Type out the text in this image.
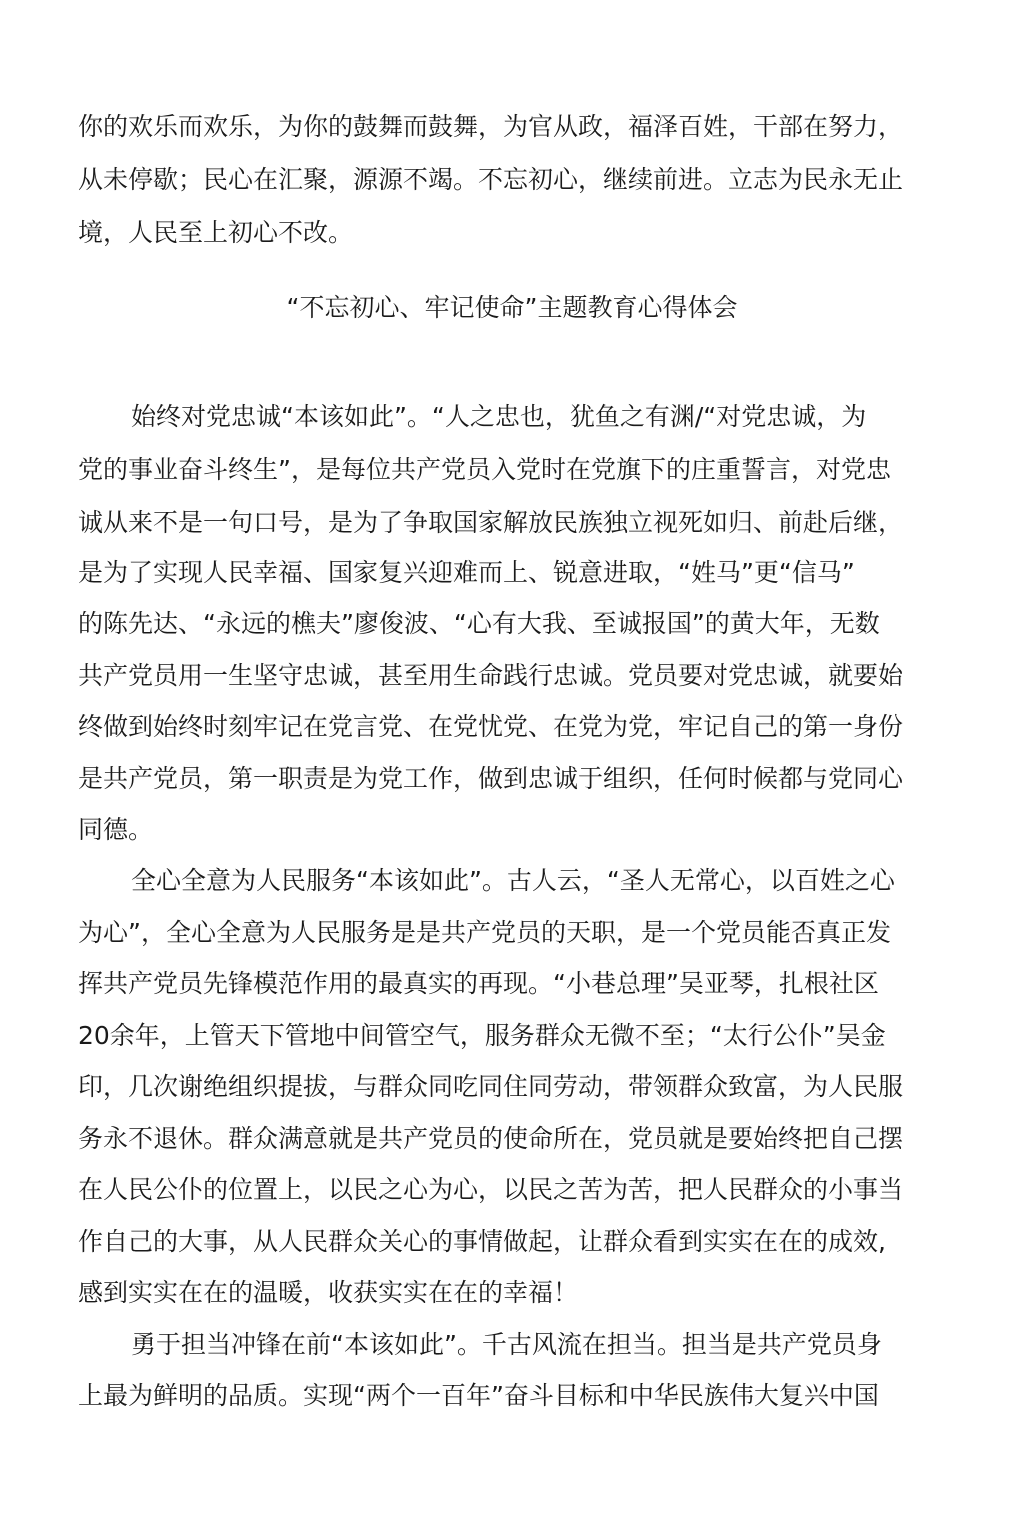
你的欢乐而欢乐，为你的鼓舞而鼓舞，为官从政，福泽百姓，干部在努力，
从未停歇；民心在汇聚，源源不竭。不忘初心，继续前进。立志为民永无止
境，人民至上初心不改。
“不忘初心、牢记使命”主题教育心得体会
始终对党忠诚“本该如此”。“人之忠也，犹鱼之有渊/“对党忠诚，为
党的事业奋斗终生”，是每位共产党员入党时在党旗下的庄重誓言，对党忠
诚从来不是一句口号，是为了争取国家解放民族独立视死如归、前赴后继，
是为了实现人民幸福、国家复兴迎难而上、锐意进取，“姓马”更“信马”
的陈先达、“永远的樵夫”廖俊波、“心有大我、至诚报国”的黄大年，无数
共产党员用一生坚守忠诚，甚至用生命践行忠诚。党员要对党忠诚，就要始
终做到始终时刻牢记在党言党、在党忧党、在党为党，牢记自己的第一身份
是共产党员，第一职责是为党工作，做到忠诚于组织，任何时候都与党同心
同德。
全心全意为人民服务“本该如此”。古人云，“圣人无常心，以百姓之心
为心”，全心全意为人民服务是是共产党员的天职，是一个党员能否真正发
挥共产党员先锋模范作用的最真实的再现。“小巷总理”吴亚琴，扎根社区
20余年，上管天下管地中间管空气，服务群众无微不至；“太行公仆”吴金
印，几次谢绝组织提拔，与群众同吃同住同劳动，带领群众致富，为人民服
务永不退休。群众满意就是共产党员的使命所在，党员就是要始终把自己摆
在人民公仆的位置上，以民之心为心，以民之苦为苦，把人民群众的小事当
作自己的大事，从人民群众关心的事情做起，让群众看到实实在在的成效,
感到实实在在的温暖，收获实实在在的幸福！
勇于担当冲锋在前“本该如此”。千古风流在担当。担当是共产党员身
上最为鲜明的品质。实现“两个一百年”奋斗目标和中华民族伟大复兴中国
